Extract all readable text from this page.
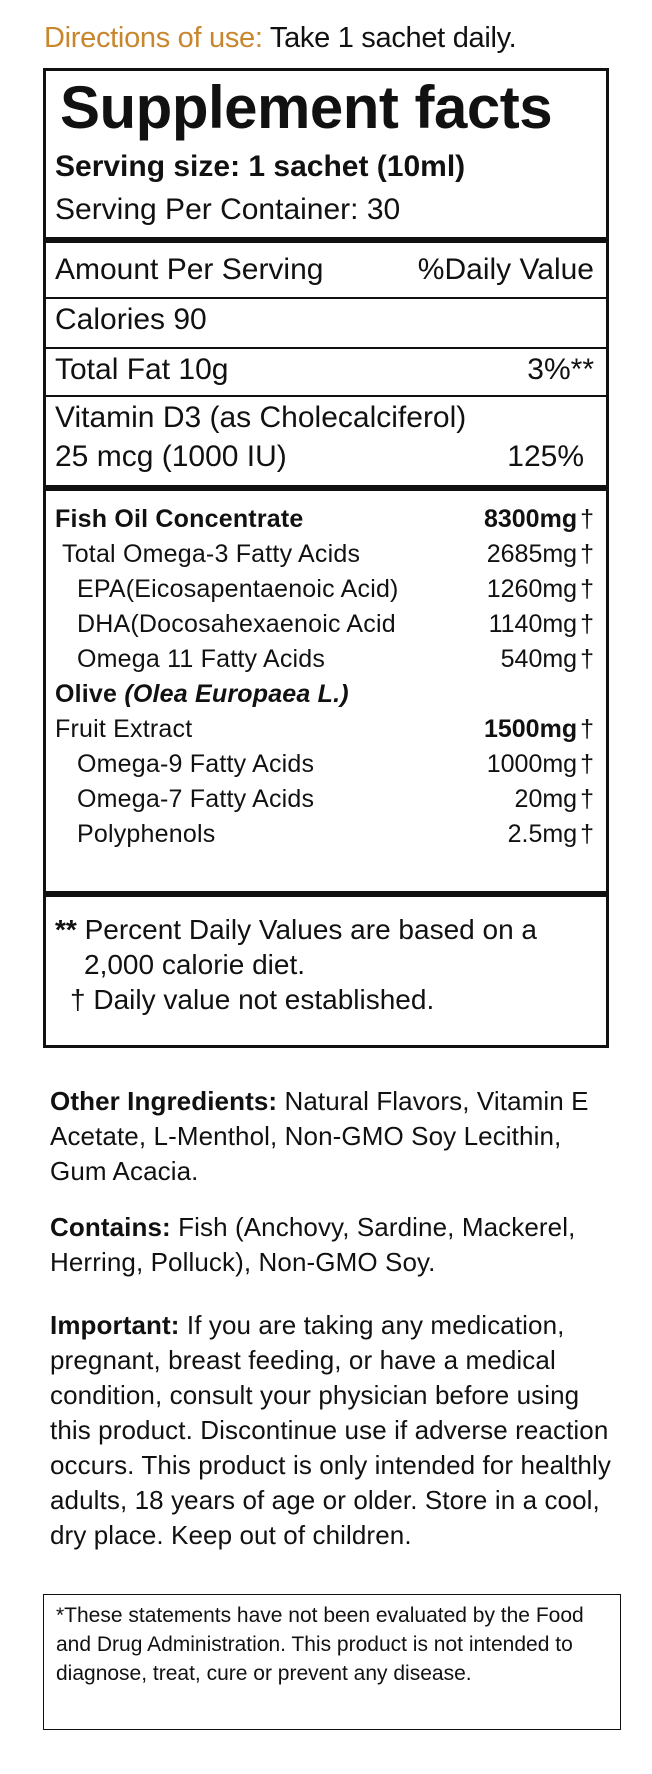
Directions of use: Take 1 sachet daily.
Supplement facts
Serving size: 1 sachet (10ml)
Serving Per Container: 30
Amount Per Serving	%Daily Value
Calories 90
Total Fat 10g	3%**
Vitamin D3 (as Cholecalciferol)
25 mcg (1000 IU)	125%
Fish Oil Concentrate	8300mg †
Total Omega-3 Fatty Acids	2685mg †
EPA(Eicosapentaenoic Acid)	1260mg †
DHA(Docosahexaenoic Acid	1140mg †
Omega 11 Fatty Acids	540mg †
Olive (Olea Europaea L.)
Fruit Extract	1500mg †
Omega-9 Fatty Acids	1000mg †
Omega-7 Fatty Acids	20mg †
Polyphenols	2.5mg †
** Percent Daily Values are based on a
2,000 calorie diet.
† Daily value not established.
Other Ingredients: Natural Flavors, Vitamin E Acetate, L-Menthol, Non-GMO Soy Lecithin, Gum Acacia.
Contains: Fish (Anchovy, Sardine, Mackerel, Herring, Polluck), Non-GMO Soy.
Important: If you are taking any medication, pregnant, breast feeding, or have a medical condition, consult your physician before using this product. Discontinue use if adverse reaction occurs. This product is only intended for healthly adults, 18 years of age or older. Store in a cool, dry place. Keep out of children.
*These statements have not been evaluated by the Food and Drug Administration. This product is not intended to diagnose, treat, cure or prevent any disease.
